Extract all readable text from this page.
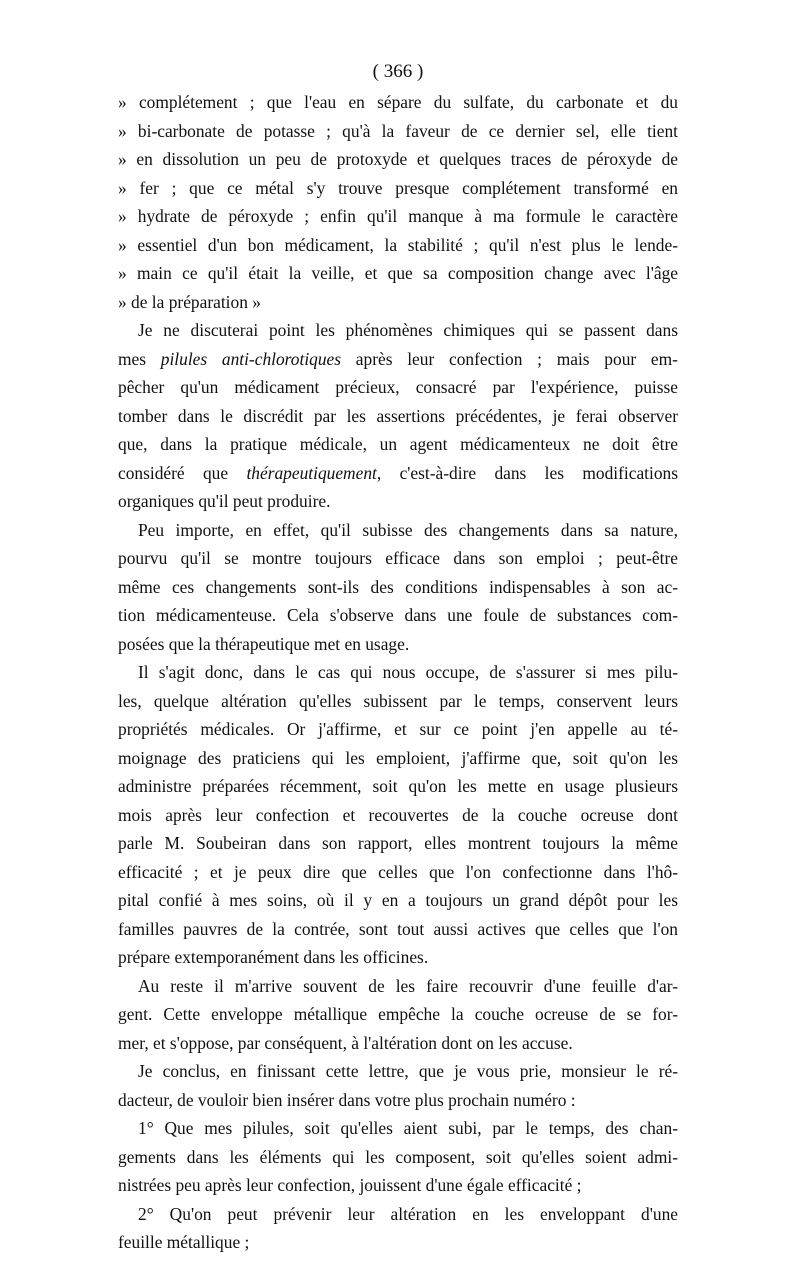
( 366 )
» complétement ; que l'eau en sépare du sulfate, du carbonate et du
» bi-carbonate de potasse ; qu'à la faveur de ce dernier sel, elle tient
» en dissolution un peu de protoxyde et quelques traces de péroxyde de
» fer ; que ce métal s'y trouve presque complétement transformé en
» hydrate de péroxyde ; enfin qu'il manque à ma formule le caractère
» essentiel d'un bon médicament, la stabilité ; qu'il n'est plus le lende-
» main ce qu'il était la veille, et que sa composition change avec l'âge
» de la préparation »
Je ne discuterai point les phénomènes chimiques qui se passent dans
mes pilules anti-chlorotiques après leur confection ; mais pour em-
pêcher qu'un médicament précieux, consacré par l'expérience, puisse
tomber dans le discrédit par les assertions précédentes, je ferai observer
que, dans la pratique médicale, un agent médicamenteux ne doit être
considéré que thérapeutiquement, c'est-à-dire dans les modifications
organiques qu'il peut produire.
Peu importe, en effet, qu'il subisse des changements dans sa nature,
pourvu qu'il se montre toujours efficace dans son emploi ; peut-être
même ces changements sont-ils des conditions indispensables à son ac-
tion médicamenteuse. Cela s'observe dans une foule de substances com-
posées que la thérapeutique met en usage.
Il s'agit donc, dans le cas qui nous occupe, de s'assurer si mes pilu-
les, quelque altération qu'elles subissent par le temps, conservent leurs
propriétés médicales. Or j'affirme, et sur ce point j'en appelle au té-
moignage des praticiens qui les emploient, j'affirme que, soit qu'on les
administre préparées récemment, soit qu'on les mette en usage plusieurs
mois après leur confection et recouvertes de la couche ocreuse dont
parle M. Soubeiran dans son rapport, elles montrent toujours la même
efficacité ; et je peux dire que celles que l'on confectionne dans l'hô-
pital confié à mes soins, où il y en a toujours un grand dépôt pour les
familles pauvres de la contrée, sont tout aussi actives que celles que l'on
prépare extemporanément dans les officines.
Au reste il m'arrive souvent de les faire recouvrir d'une feuille d'ar-
gent. Cette enveloppe métallique empêche la couche ocreuse de se for-
mer, et s'oppose, par conséquent, à l'altération dont on les accuse.
Je conclus, en finissant cette lettre, que je vous prie, monsieur le ré-
dacteur, de vouloir bien insérer dans votre plus prochain numéro :
1° Que mes pilules, soit qu'elles aient subi, par le temps, des chan-
gements dans les éléments qui les composent, soit qu'elles soient admi-
nistrées peu après leur confection, jouissent d'une égale efficacité ;
2° Qu'on peut prévenir leur altération en les enveloppant d'une
feuille métallique ;
